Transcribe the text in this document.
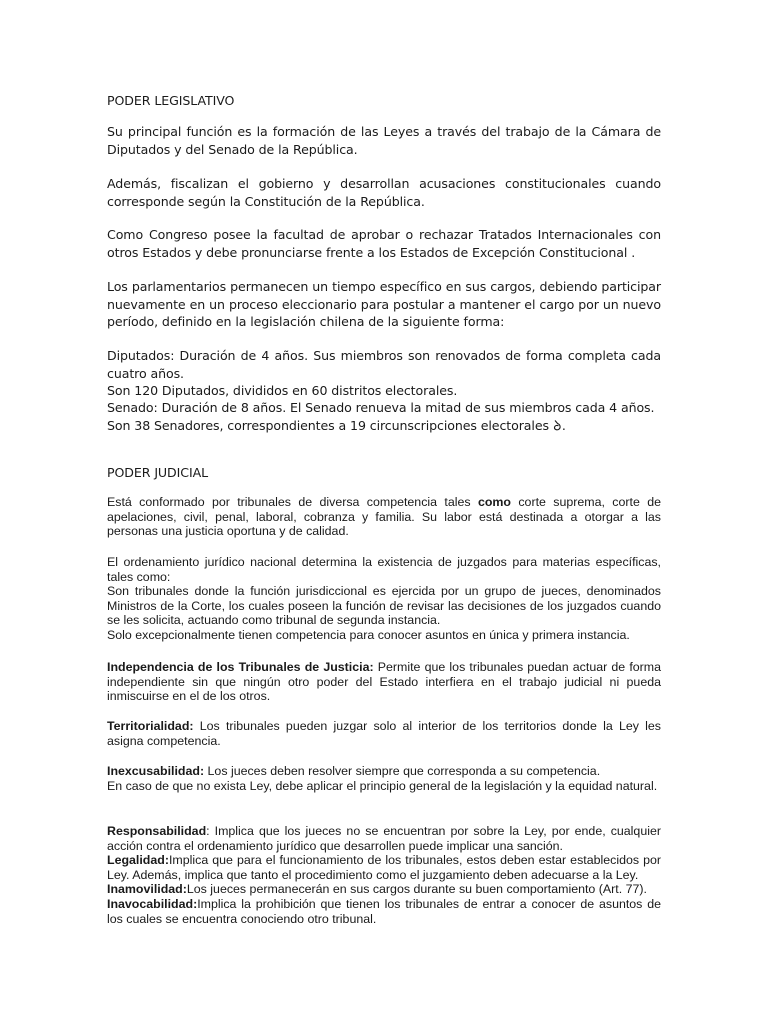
PODER LEGISLATIVO

Su principal función es la formación de las Leyes a través del trabajo de la Cámara de Diputados y del Senado de la República.

Además, fiscalizan el gobierno y desarrollan acusaciones constitucionales cuando corresponde según la Constitución de la República.

Como Congreso posee la facultad de aprobar o rechazar Tratados Internacionales con otros Estados y debe pronunciarse frente a los Estados de Excepción Constitucional .

Los parlamentarios permanecen un tiempo específico en sus cargos, debiendo participar nuevamente en un proceso eleccionario para postular a mantener el cargo por un nuevo período, definido en la legislación chilena de la siguiente forma:

Diputados: Duración de 4 años. Sus miembros son renovados de forma completa cada cuatro años.
Son 120 Diputados, divididos en 60 distritos electorales.

Senado: Duración de 8 años. El Senado renueva la mitad de sus miembros cada 4 años.
Son 38 Senadores, correspondientes a 19 circunscripciones electorales .

PODER JUDICIAL

Está conformado por tribunales de diversa competencia tales como corte suprema, corte de apelaciones, civil, penal, laboral, cobranza y familia. Su labor está destinada a otorgar a las personas una justicia oportuna y de calidad.

El ordenamiento jurídico nacional determina la existencia de juzgados para materias específicas, tales como:
Son tribunales donde la función jurisdiccional es ejercida por un grupo de jueces, denominados Ministros de la Corte, los cuales poseen la función de revisar las decisiones de los juzgados cuando se les solicita, actuando como tribunal de segunda instancia.
Solo excepcionalmente tienen competencia para conocer asuntos en única y primera instancia.

Independencia de los Tribunales de Justicia: Permite que los tribunales puedan actuar de forma independiente sin que ningún otro poder del Estado interfiera en el trabajo judicial ni pueda inmiscuirse en el de los otros.

Territorialidad: Los tribunales pueden juzgar solo al interior de los territorios donde la Ley les asigna competencia.

Inexcusabilidad: Los jueces deben resolver siempre que corresponda a su competencia.
En caso de que no exista Ley, debe aplicar el principio general de la legislación y la equidad natural.

Responsabilidad: Implica que los jueces no se encuentran por sobre la Ley, por ende, cualquier acción contra el ordenamiento jurídico que desarrollen puede implicar una sanción.
Legalidad:Implica que para el funcionamiento de los tribunales, estos deben estar establecidos por Ley. Además, implica que tanto el procedimiento como el juzgamiento deben adecuarse a la Ley.
Inamovilidad:Los jueces permanecerán en sus cargos durante su buen comportamiento (Art. 77).
Inavocabilidad:Implica la prohibición que tienen los tribunales de entrar a conocer de asuntos de los cuales se encuentra conociendo otro tribunal.
